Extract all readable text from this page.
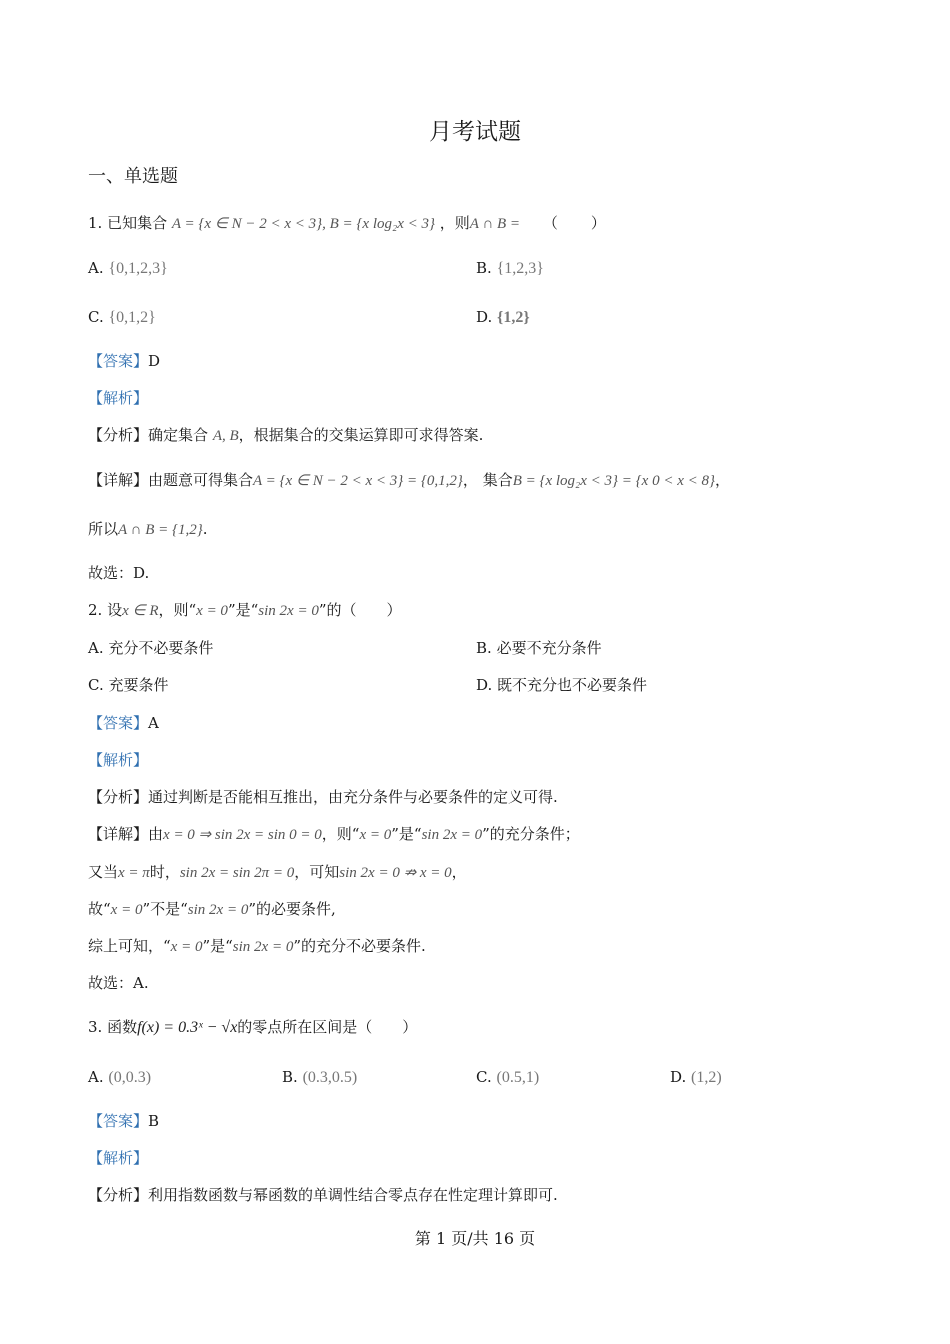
月考试题
一、单选题
1. 已知集合 A = {x ∈ N − 2 < x < 3}, B = {x log₂x < 3} ，则A ∩ B = （　　）
A. {0,1,2,3}	B. {1,2,3}
C. {0,1,2}	D. {1,2}
【答案】D
【解析】
【分析】确定集合 A, B，根据集合的交集运算即可求得答案.
【详解】由题意可得集合A = {x ∈ N − 2 < x < 3} = {0,1,2}， 集合B = {x log₂x < 3} = {x 0 < x < 8}，
所以A ∩ B = {1,2}.
故选：D.
2. 设x ∈ R，则“x = 0”是“sin 2x = 0”的（　　）
A. 充分不必要条件	B. 必要不充分条件
C. 充要条件	D. 既不充分也不必要条件
【答案】A
【解析】
【分析】通过判断是否能相互推出，由充分条件与必要条件的定义可得.
【详解】由x = 0 ⇒ sin 2x = sin 0 = 0，则“x = 0”是“sin 2x = 0”的充分条件；
又当x = π时，sin 2x = sin 2π = 0，可知sin 2x = 0 ⇏ x = 0，
故“x = 0”不是“sin 2x = 0”的必要条件,
综上可知，“x = 0”是“sin 2x = 0”的充分不必要条件.
故选：A.
3. 函数f(x) = 0.3ˣ − √x的零点所在区间是（　　）
A. (0,0.3)	B. (0.3,0.5)	C. (0.5,1)	D. (1,2)
【答案】B
【解析】
【分析】利用指数函数与幂函数的单调性结合零点存在性定理计算即可.
第 1 页/共 16 页
